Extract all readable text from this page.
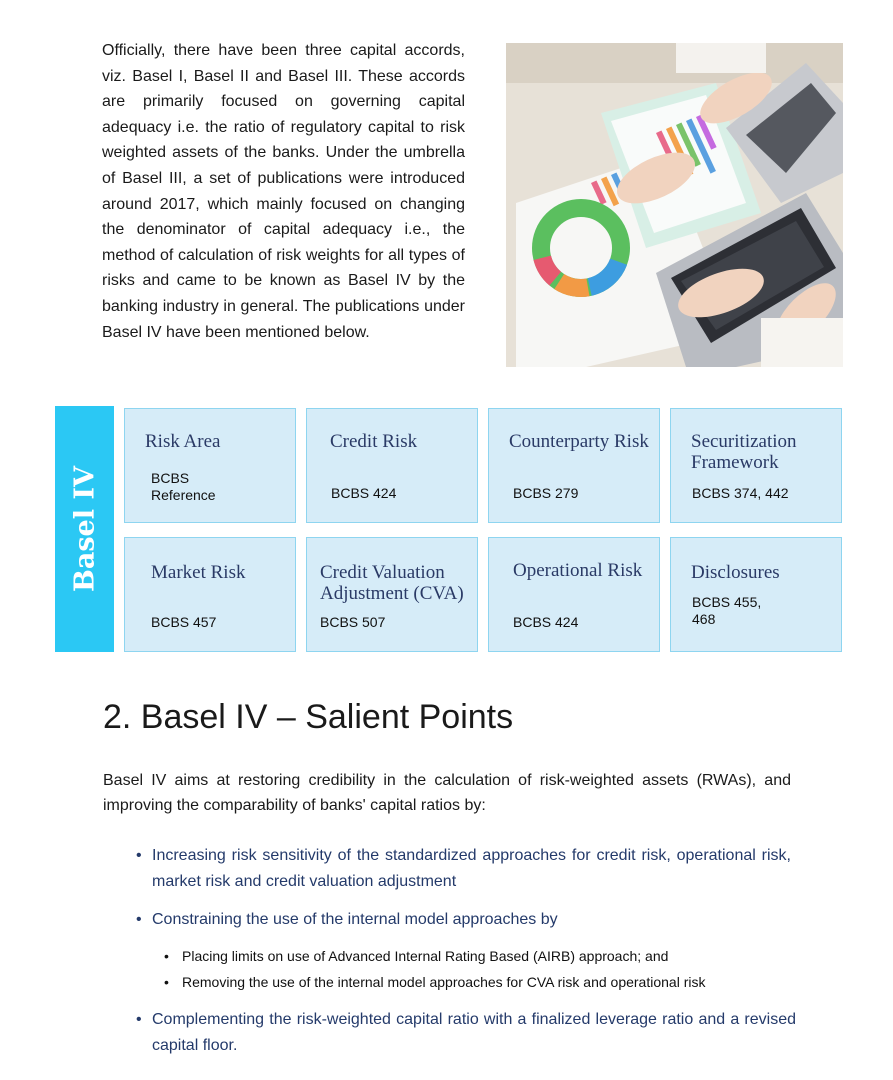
Officially, there have been three capital accords, viz. Basel I, Basel II and Basel III. These accords are primarily focused on governing capital adequacy i.e. the ratio of regulatory capital to risk weighted assets of the banks. Under the umbrella of Basel III, a set of publications were introduced around 2017, which mainly focused on changing the denominator of capital adequacy i.e., the method of calculation of risk weights for all types of risks and came to be known as Basel IV by the banking industry in general. The publications under Basel IV have been mentioned below.
Basel IV
Risk Area
BCBS Reference
Credit Risk
BCBS 424
Counterparty Risk
BCBS 279
Securitization Framework
BCBS 374, 442
Market Risk
BCBS 457
Credit Valuation Adjustment (CVA)
BCBS 507
Operational Risk
BCBS 424
Disclosures
BCBS 455, 468
2. Basel IV – Salient Points
Basel IV aims at restoring credibility in the calculation of risk-weighted assets (RWAs), and improving the comparability of banks' capital ratios by:
• Increasing risk sensitivity of the standardized approaches for credit risk, operational risk, market risk and credit valuation adjustment
• Constraining the use of the internal model approaches by
• Placing limits on use of Advanced Internal Rating Based (AIRB) approach; and
• Removing the use of the internal model approaches for CVA risk and operational risk
• Complementing the risk-weighted capital ratio with a finalized leverage ratio and a revised capital floor.
